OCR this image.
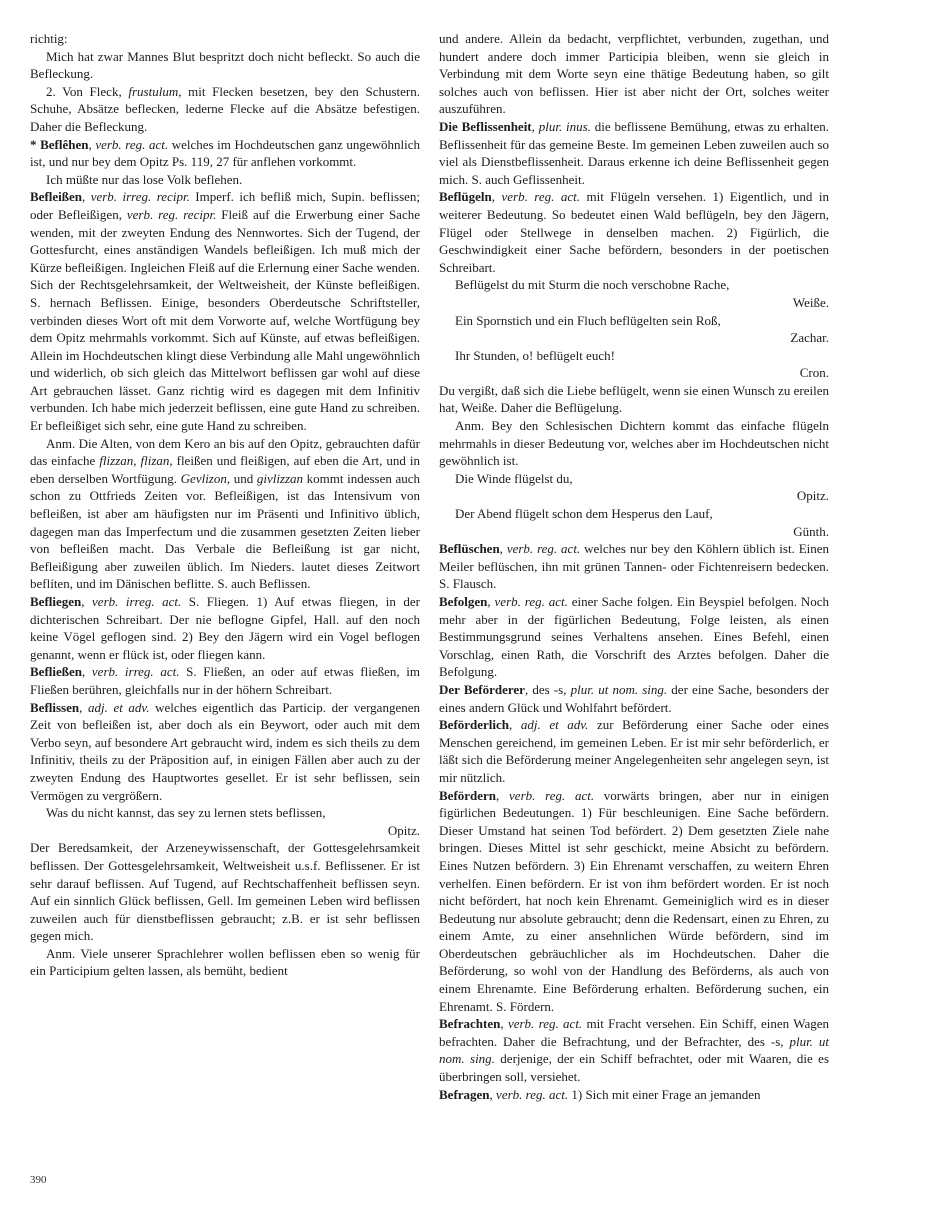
richtig:

Mich hat zwar Mannes Blut bespritzt doch nicht befleckt. So auch die Befleckung.

2. Von Fleck, frustulum, mit Flecken besetzen, bey den Schustern. Schuhe, Absätze beflecken, lederne Flecke auf die Absätze befestigen. Daher die Befleckung.

* Beflêhen, verb. reg. act. welches im Hochdeutschen ganz ungewöhnlich ist, und nur bey dem Opitz Ps. 119, 27 für anflehen vorkommt.

Ich müßte nur das lose Volk beflehen.

Befleißen, verb. irreg. recipr. Imperf. ich befliß mich, Supin. beflissen; oder Befleißigen, verb. reg. recipr. Fleiß auf die Erwerbung einer Sache wenden, mit der zweyten Endung des Nennwortes. Sich der Tugend, der Gottesfurcht, eines anständigen Wandels befleißigen. Ich muß mich der Kürze befleißigen. Ingleichen Fleiß auf die Erlernung einer Sache wenden. Sich der Rechtsgelehrsamkeit, der Weltweisheit, der Künste befleißigen. S. hernach Beflissen. Einige, besonders Oberdeutsche Schriftsteller, verbinden dieses Wort oft mit dem Vorworte auf, welche Wortfügung bey dem Opitz mehrmahls vorkommt. Sich auf Künste, auf etwas befleißigen. Allein im Hochdeutschen klingt diese Verbindung alle Mahl ungewöhnlich und widerlich, ob sich gleich das Mittelwort beflissen gar wohl auf diese Art gebrauchen lässet. Ganz richtig wird es dagegen mit dem Infinitiv verbunden. Ich habe mich jederzeit beflissen, eine gute Hand zu schreiben. Er befleißiget sich sehr, eine gute Hand zu schreiben.

Anm. Die Alten, von dem Kero an bis auf den Opitz, gebrauchten dafür das einfache flizzan, flizan, fleißen und fleißigen, auf eben die Art, und in eben derselben Wortfügung. Gevlizon, und givlizzan kommt indessen auch schon zu Ottfrieds Zeiten vor. Befleißigen, ist das Intensivum von befleißen, ist aber am häufigsten nur im Präsenti und Infinitivo üblich, dagegen man das Imperfectum und die zusammen gesetzten Zeiten lieber von befleißen macht. Das Verbale die Befleißung ist gar nicht, Befleißigung aber zuweilen üblich. Im Nieders. lautet dieses Zeitwort beflíten, und im Dänischen beflitte. S. auch Beflissen.

Befliegen, verb. irreg. act. S. Fliegen. 1) Auf etwas fliegen, in der dichterischen Schreibart. Der nie beflogne Gipfel, Hall. auf den noch keine Vögel geflogen sind. 2) Bey den Jägern wird ein Vogel beflogen genannt, wenn er flück ist, oder fliegen kann.

Befließen, verb. irreg. act. S. Fließen, an oder auf etwas fließen, im Fließen berühren, gleichfalls nur in der höhern Schreibart.

Beflissen, adj. et adv. welches eigentlich das Particip. der vergangenen Zeit von befleißen ist, aber doch als ein Beywort, oder auch mit dem Verbo seyn, auf besondere Art gebraucht wird, indem es sich theils zu dem Infinitiv, theils zu der Präposition auf, in einigen Fällen aber auch zu der zweyten Endung des Hauptwortes gesellet. Er ist sehr beflissen, sein Vermögen zu vergrößern.

Was du nicht kannst, das sey zu lernen stets beflissen,

Opitz.

Der Beredsamkeit, der Arzeneywissenschaft, der Gottesgelehrsamkeit beflissen. Der Gottesgelehrsamkeit, Weltweisheit u.s.f. Beflissener. Er ist sehr darauf beflissen. Auf Tugend, auf Rechtschaffenheit beflissen seyn. Auf ein sinnlich Glück beflissen, Gell. Im gemeinen Leben wird beflissen zuweilen auch für dienstbeflissen gebraucht; z.B. er ist sehr beflissen gegen mich.

Anm. Viele unserer Sprachlehrer wollen beflissen eben so wenig für ein Participium gelten lassen, als bemüht, bedient

und andere. Allein da bedacht, verpflichtet, verbunden, zugethan, und hundert andere doch immer Participia bleiben, wenn sie gleich in Verbindung mit dem Worte seyn eine thätige Bedeutung haben, so gilt solches auch von beflissen. Hier ist aber nicht der Ort, solches weiter auszuführen.

Die Beflissenheit, plur. inus. die beflissene Bemühung, etwas zu erhalten. Beflissenheit für das gemeine Beste. Im gemeinen Leben zuweilen auch so viel als Dienstbeflissenheit. Daraus erkenne ich deine Beflissenheit gegen mich. S. auch Geflissenheit.

Beflügeln, verb. reg. act. mit Flügeln versehen. 1) Eigentlich, und in weiterer Bedeutung. So bedeutet einen Wald beflügeln, bey den Jägern, Flügel oder Stellwege in denselben machen. 2) Figürlich, die Geschwindigkeit einer Sache befördern, besonders in der poetischen Schreibart.

Beflügelst du mit Sturm die noch verschobne Rache,

Weiße.

Ein Spornstich und ein Fluch beflügelten sein Roß,

Zachar.

Ihr Stunden, o! beflügelt euch!

Cron.

Du vergißt, daß sich die Liebe beflügelt, wenn sie einen Wunsch zu ereilen hat, Weiße. Daher die Beflügelung.

Anm. Bey den Schlesischen Dichtern kommt das einfache flügeln mehrmahls in dieser Bedeutung vor, welches aber im Hochdeutschen nicht gewöhnlich ist.

Die Winde flügelst du,

Opitz.

Der Abend flügelt schon dem Hesperus den Lauf,

Günth.

Beflüschen, verb. reg. act. welches nur bey den Köhlern üblich ist. Einen Meiler beflüschen, ihn mit grünen Tannen- oder Fichtenreisern bedecken. S. Flausch.

Befolgen, verb. reg. act. einer Sache folgen. Ein Beyspiel befolgen. Noch mehr aber in der figürlichen Bedeutung, Folge leisten, als einen Bestimmungsgrund seines Verhaltens ansehen. Eines Befehl, einen Vorschlag, einen Rath, die Vorschrift des Arztes befolgen. Daher die Befolgung.

Der Beförderer, des -s, plur. ut nom. sing. der eine Sache, besonders der eines andern Glück und Wohlfahrt befördert.

Beförderlich, adj. et adv. zur Beförderung einer Sache oder eines Menschen gereichend, im gemeinen Leben. Er ist mir sehr beförderlich, er läßt sich die Beförderung meiner Angelegenheiten sehr angelegen seyn, ist mir nützlich.

Befördern, verb. reg. act. vorwärts bringen, aber nur in einigen figürlichen Bedeutungen. 1) Für beschleunigen. Eine Sache befördern. Dieser Umstand hat seinen Tod befördert. 2) Dem gesetzten Ziele nahe bringen. Dieses Mittel ist sehr geschickt, meine Absicht zu befördern. Eines Nutzen befördern. 3) Ein Ehrenamt verschaffen, zu weitern Ehren verhelfen. Einen befördern. Er ist von ihm befördert worden. Er ist noch nicht befördert, hat noch kein Ehrenamt. Gemeiniglich wird es in dieser Bedeutung nur absolute gebraucht; denn die Redensart, einen zu Ehren, zu einem Amte, zu einer ansehnlichen Würde befördern, sind im Oberdeutschen gebräuchlicher als im Hochdeutschen. Daher die Beförderung, so wohl von der Handlung des Beförderns, als auch von einem Ehrenamte. Eine Beförderung erhalten. Beförderung suchen, ein Ehrenamt. S. Fördern.

Befrachten, verb. reg. act. mit Fracht versehen. Ein Schiff, einen Wagen befrachten. Daher die Befrachtung, und der Befrachter, des -s, plur. ut nom. sing. derjenige, der ein Schiff befrachtet, oder mit Waaren, die es überbringen soll, versiehet.

Befragen, verb. reg. act. 1) Sich mit einer Frage an jemanden

390
